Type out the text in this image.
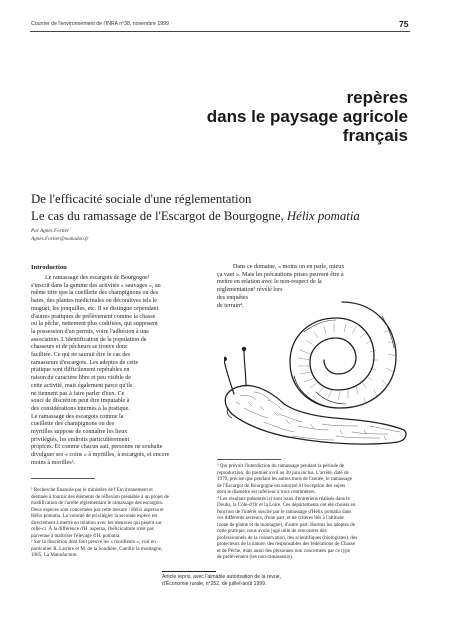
Courrier de l'environnement de l'INRA n°38, novembre 1999	75
repères
dans le paysage agricole
français
De l'efficacité sociale d'une réglementation
Le cas du ramassage de l'Escargot de Bourgogne, Hélix pomatia
Par Agnès Fortier
Agnès.Fortier@wanadoo.fr
Introduction
Le ramassage des escargots de Bourgogne¹
s'inscrit dans la gamme des activités « sauvages », au
même titre que la cueillette des champignons ou des
baies, des plantes médicinales ou décoratives tels le
muguet, les jonquilles, etc. Il se distingue cependant
d'autres pratiques de prélèvement comme la chasse
ou la pêche, nettement plus codifiées, qui supposent
la possession d'un permis, voire l'adhésion à une
association. L'identification de la population de
chasseurs et de pêcheurs se trouve donc
facilitée. Ce qui ne saurait être le cas des
ramasseurs d'escargots. Les adeptes de cette
pratique sont difficilement repérables en
raison du caractère libre et peu visible de
cette activité, mais également parce qu'ils
ne tiennent pas à faire parler d'eux. Ce
souci de discrétion peut être imputable à
des considérations internes à la pratique.
Le ramassage des escargots comme la
cueillette des champignons ou des
myrtilles suppose de connaître les lieux
privilégiés, les endroits particulièrement
propices. Et comme chacun sait, personne ne souhaite
divulguer ses « coins » à myrtilles, à escargots, et encore
moins à morilles².
Dans ce domaine, « moins on en parle, mieux
ça vaut ». Mais les précautions prises peuvent être à
mettre en relation avec le non-respect de la
réglementation³ révélé lors
des enquêtes
de terrain⁴.
¹ Recherche financée par le ministère de l'Environnement et
destinée à fournir des éléments de réflexion préalable à un projet de
modification de l'arrêté réglementant le ramassage des escargots.
Deux espèces sont concernées par cette mesure : Hélix aspersa et
Hélix pomatia. La volonté de privilégier la seconde espèce est
directement à mettre en relation avec les menaces qui pèsent sur
celle-ci. À la différence d'H. aspersa, l'héliciculture n'est pas
parvenue à maîtriser l'élevage d'H. pomatia.
² Sur la discrétion dont font preuve les « morilleurs », voir en
particulier R. Larrère et M. de la Soudière, Cueillir la montagne,
1985, La Manufacture.
³ Qui prévoit l'interdiction du ramassage pendant la période de
reproduction, du premier avril au 30 juin inclus. L'arrêté, daté de
1979, précise que pendant les autres mois de l'année, le ramassage
de l'Escargot de Bourgogne est autorisé à l'exception des sujets
dont le diamètre est inférieur à trois centimètres.
⁴ Les résultats présentés ici sont issus d'entretiens réalisés dans le
Doubs, la Côte-d'Or et la Loire. Ces départements ont été choisis en
fonction de l'intérêt suscité par le ramassage d'Hélix pomatia dans
ces différents secteurs, d'une part, et de critères liés à l'altitude
(zone de plaine et de montagne), d'autre part. Hormis les adeptes de
cette pratique, nous avons jugé utile de rencontrer des
professionnels de la conservation, des scientifiques (biologistes), des
protecteurs de la nature, des responsables des fédérations de Chasse
et de Pêche, mais aussi des personnes non concernées par ce type
de prélèvement (les non-ramasseurs).
Article repris, avec l'aimable autorisation de la revue,
d'Économie rurale, n°252, de juillet-août 1999.
